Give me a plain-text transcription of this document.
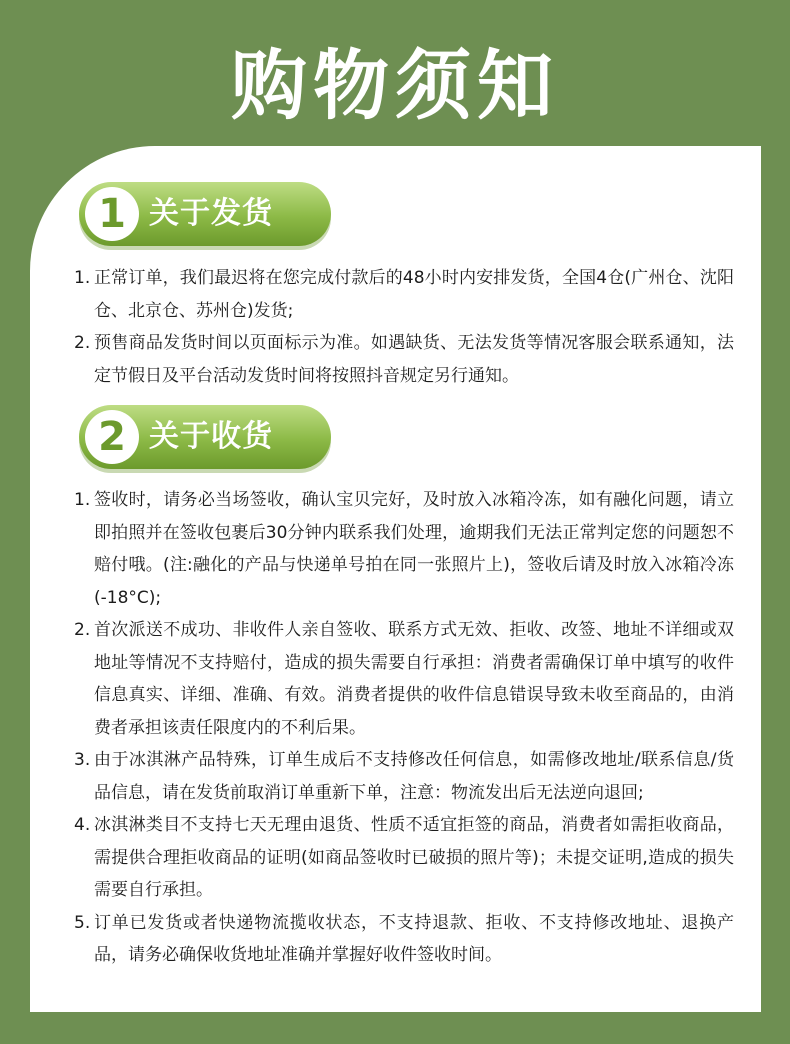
购物须知
1 关于发货
1. 正常订单，我们最迟将在您完成付款后的48小时内安排发货，全国4仓(广州仓、沈阳仓、北京仓、苏州仓)发货;
2. 预售商品发货时间以页面标示为准。如遇缺货、无法发货等情况客服会联系通知，法定节假日及平台活动发货时间将按照抖音规定另行通知。
2 关于收货
1. 签收时，请务必当场签收，确认宝贝完好，及时放入冰箱冷冻，如有融化问题，请立即拍照并在签收包裹后30分钟内联系我们处理，逾期我们无法正常判定您的问题恕不赔付哦。(注:融化的产品与快递单号拍在同一张照片上)，签收后请及时放入冰箱冷冻(-18°C);
2. 首次派送不成功、非收件人亲自签收、联系方式无效、拒收、改签、地址不详细或双地址等情况不支持赔付，造成的损失需要自行承担：消费者需确保订单中填写的收件信息真实、详细、准确、有效。消费者提供的收件信息错误导致未收至商品的，由消费者承担该责任限度内的不利后果。
3. 由于冰淇淋产品特殊，订单生成后不支持修改任何信息，如需修改地址/联系信息/货品信息，请在发货前取消订单重新下单，注意：物流发出后无法逆向退回;
4. 冰淇淋类目不支持七天无理由退货、性质不适宜拒签的商品，消费者如需拒收商品，需提供合理拒收商品的证明(如商品签收时已破损的照片等)；未提交证明,造成的损失需要自行承担。
5. 订单已发货或者快递物流揽收状态，不支持退款、拒收、不支持修改地址、退换产品，请务必确保收货地址准确并掌握好收件签收时间。
